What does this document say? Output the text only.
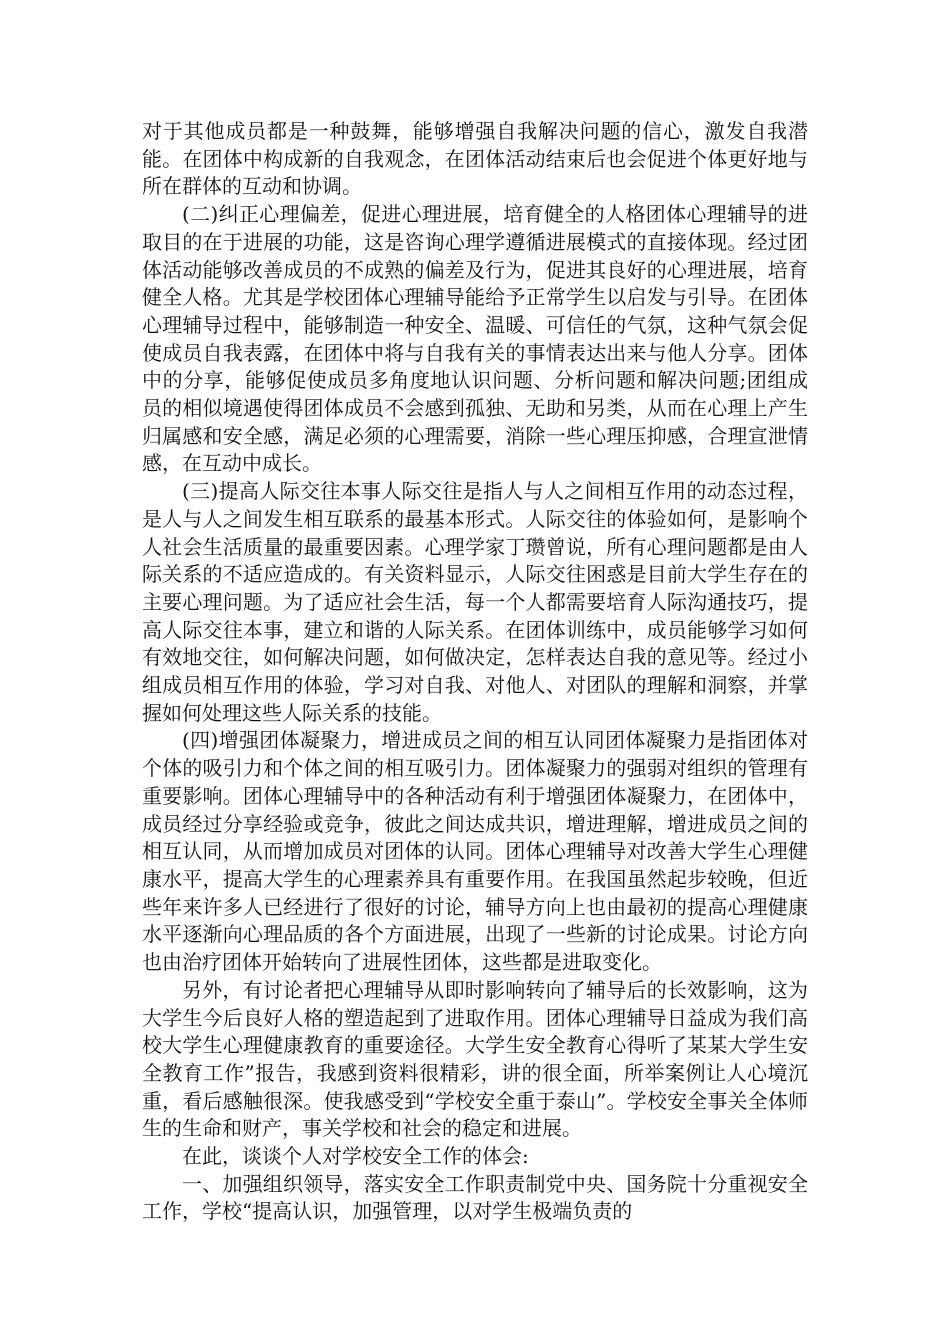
对于其他成员都是一种鼓舞，能够增强自我解决问题的信心，激发自我潜能。在团体中构成新的自我观念，在团体活动结束后也会促进个体更好地与所在群体的互动和协调。

(二)纠正心理偏差，促进心理进展，培育健全的人格团体心理辅导的进取目的在于进展的功能，这是咨询心理学遵循进展模式的直接体现。经过团体活动能够改善成员的不成熟的偏差及行为，促进其良好的心理进展，培育健全人格。尤其是学校团体心理辅导能给予正常学生以启发与引导。在团体心理辅导过程中，能够制造一种安全、温暖、可信任的气氛，这种气氛会促使成员自我表露，在团体中将与自我有关的事情表达出来与他人分享。团体中的分享，能够促使成员多角度地认识问题、分析问题和解决问题;团组成员的相似境遇使得团体成员不会感到孤独、无助和另类，从而在心理上产生归属感和安全感，满足必须的心理需要，消除一些心理压抑感，合理宣泄情感，在互动中成长。

(三)提高人际交往本事人际交往是指人与人之间相互作用的动态过程，是人与人之间发生相互联系的最基本形式。人际交往的体验如何，是影响个人社会生活质量的最重要因素。心理学家丁瓒曾说，所有心理问题都是由人际关系的不适应造成的。有关资料显示，人际交往困惑是目前大学生存在的主要心理问题。为了适应社会生活，每一个人都需要培育人际沟通技巧，提高人际交往本事，建立和谐的人际关系。在团体训练中，成员能够学习如何有效地交往，如何解决问题，如何做决定，怎样表达自我的意见等。经过小组成员相互作用的体验，学习对自我、对他人、对团队的理解和洞察，并掌握如何处理这些人际关系的技能。

(四)增强团体凝聚力，增进成员之间的相互认同团体凝聚力是指团体对个体的吸引力和个体之间的相互吸引力。团体凝聚力的强弱对组织的管理有重要影响。团体心理辅导中的各种活动有利于增强团体凝聚力，在团体中，成员经过分享经验或竞争，彼此之间达成共识，增进理解，增进成员之间的相互认同，从而增加成员对团体的认同。团体心理辅导对改善大学生心理健康水平，提高大学生的心理素养具有重要作用。在我国虽然起步较晚，但近些年来许多人已经进行了很好的讨论，辅导方向上也由最初的提高心理健康水平逐渐向心理品质的各个方面进展，出现了一些新的讨论成果。讨论方向也由治疗团体开始转向了进展性团体，这些都是进取变化。

另外，有讨论者把心理辅导从即时影响转向了辅导后的长效影响，这为大学生今后良好人格的塑造起到了进取作用。团体心理辅导日益成为我们高校大学生心理健康教育的重要途径。大学生安全教育心得听了某某大学生安全教育工作”报告，我感到资料很精彩，讲的很全面，所举案例让人心境沉重，看后感触很深。使我感受到“学校安全重于泰山”。学校安全事关全体师生的生命和财产，事关学校和社会的稳定和进展。

在此，谈谈个人对学校安全工作的体会:

一、加强组织领导，落实安全工作职责制党中央、国务院十分重视安全工作，学校“提高认识，加强管理，以对学生极端负责的
